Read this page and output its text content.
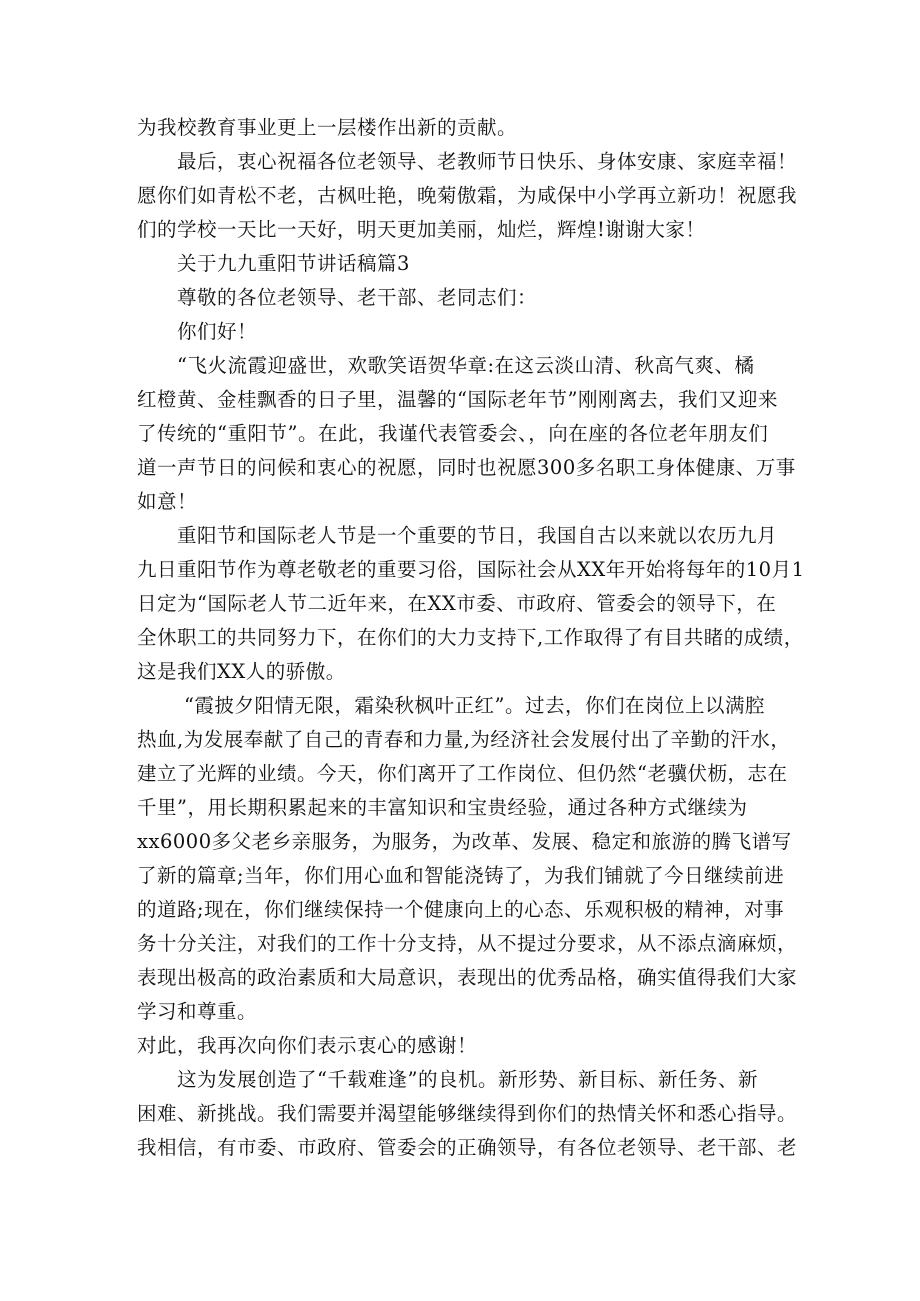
为我校教育事业更上一层楼作出新的贡献。
最后，衷心祝福各位老领导、老教师节日快乐、身体安康、家庭幸福！
愿你们如青松不老，古枫吐艳，晚菊傲霜，为咸保中小学再立新功！祝愿我
们的学校一天比一天好，明天更加美丽，灿烂，辉煌!谢谢大家！
关于九九重阳节讲话稿篇3
尊敬的各位老领导、老干部、老同志们：
你们好！
“飞火流霞迎盛世，欢歌笑语贺华章:在这云淡山清、秋高气爽、橘
红橙黄、金桂飘香的日子里，温馨的“国际老年节”刚刚离去，我们又迎来
了传统的“重阳节”。在此，我谨代表管委会、，向在座的各位老年朋友们
道一声节日的问候和衷心的祝愿，同时也祝愿300多名职工身体健康、万事
如意！
重阳节和国际老人节是一个重要的节日，我国自古以来就以农历九月
九日重阳节作为尊老敬老的重要习俗，国际社会从XX年开始将每年的10月1
日定为“国际老人节二近年来，在XX市委、市政府、管委会的领导下，在
全休职工的共同努力下，在你们的大力支持下,工作取得了有目共睹的成绩，
这是我们XX人的骄傲。
“霞披夕阳情无限，霜染秋枫叶正红”。过去，你们在岗位上以满腔
热血,为发展奉献了自己的青春和力量,为经济社会发展付出了辛勤的汗水，
建立了光辉的业绩。今天，你们离开了工作岗位、但仍然“老骥伏枥，志在
千里”，用长期积累起来的丰富知识和宝贵经验，通过各种方式继续为
xx6000多父老乡亲服务，为服务，为改革、发展、稳定和旅游的腾飞谱写
了新的篇章;当年，你们用心血和智能浇铸了，为我们铺就了今日继续前进
的道路;现在，你们继续保持一个健康向上的心态、乐观积极的精神，对事
务十分关注，对我们的工作十分支持，从不提过分要求，从不添点滴麻烦，
表现出极高的政治素质和大局意识，表现出的优秀品格，确实值得我们大家
学习和尊重。
对此，我再次向你们表示衷心的感谢！
这为发展创造了“千载难逢”的良机。新形势、新目标、新任务、新
困难、新挑战。我们需要并渴望能够继续得到你们的热情关怀和悉心指导。
我相信，有市委、市政府、管委会的正确领导，有各位老领导、老干部、老
